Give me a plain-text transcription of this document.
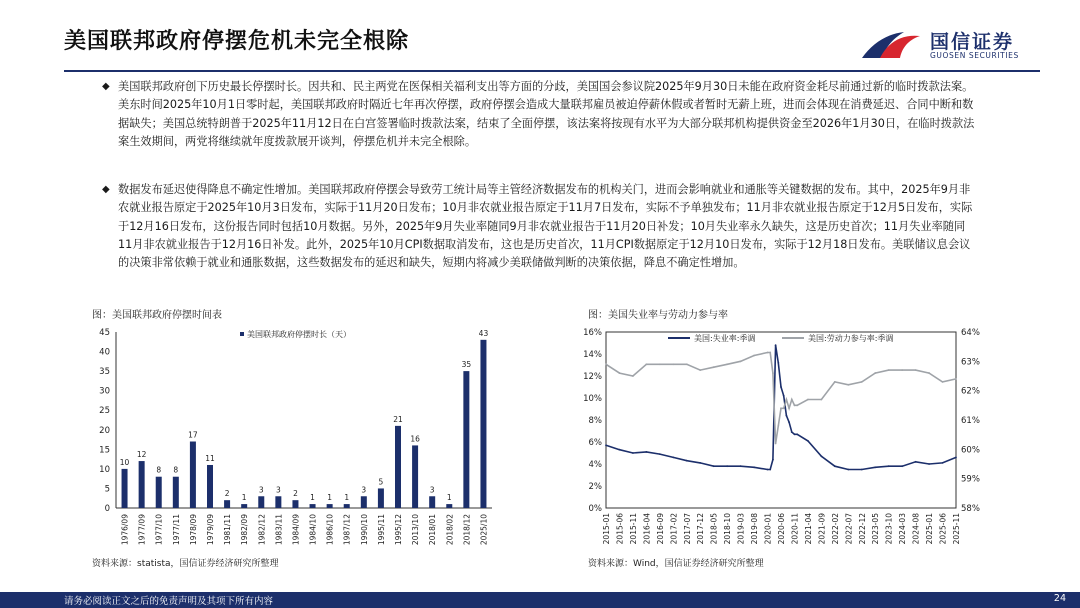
美国联邦政府停摆危机未完全根除	国信证券
GUOSEN SECURITIES
◆ 美国联邦政府创下历史最长停摆时长。因共和、民主两党在医保相关福利支出等方面的分歧，美国国会参议院2025年9月30日未能在政府资金耗尽前通过新的临时拨款法案。美东时间2025年10月1日零时起，美国联邦政府时隔近七年再次停摆，政府停摆会造成大量联邦雇员被迫停薪休假或者暂时无薪上班，进而会体现在消费延迟、合同中断和数据缺失；美国总统特朗普于2025年11月12日在白宫签署临时拨款法案，结束了全面停摆，该法案将按现有水平为大部分联邦机构提供资金至2026年1月30日，在临时拨款法案生效期间，两党将继续就年度拨款展开谈判，停摆危机并未完全根除。
◆ 数据发布延迟使得降息不确定性增加。美国联邦政府停摆会导致劳工统计局等主管经济数据发布的机构关门，进而会影响就业和通胀等关键数据的发布。其中，2025年9月非农就业报告原定于2025年10月3日发布，实际于11月20日发布；10月非农就业报告原定于11月7日发布，实际不予单独发布；11月非农就业报告原定于12月5日发布，实际于12月16日发布，这份报告同时包括10月数据。另外，2025年9月失业率随同9月非农就业报告于11月20日补发；10月失业率永久缺失，这是历史首次；11月失业率随同11月非农就业报告于12月16日补发。此外，2025年10月CPI数据取消发布，这也是历史首次，11月CPI数据原定于12月10日发布，实际于12月18日发布。美联储议息会议的决策非常依赖于就业和通胀数据，这些数据发布的延迟和缺失，短期内将减少美联储做判断的决策依据，降息不确定性增加。
图：美国联邦政府停摆时间表	图：美国失业率与劳动力参与率
0
5
10
15
20
25
30
35
40
45
10
1976/09
12
1977/09
8
1977/10
8
1977/11
17
1978/09
11
1979/09
2
1981/11
1
1982/09
3
1982/12
3
1983/11
2
1984/09
1
1984/10
1
1986/10
1
1987/12
3
1990/10
5
1995/11
21
1995/12
16
2013/10
3
2018/01
1
2018/02
35
2018/12
43
2025/10
美国联邦政府停摆时长（天）
0%
2%
4%
6%
8%
10%
12%
14%
16%
58%
59%
60%
61%
62%
63%
64%
2015-01 2015-06 2015-11 2016-04 2016-09 2017-02 2017-07 2017-12 2018-05 2018-10 2019-03 2019-08 2020-01 2020-06 2020-11 2021-04 2021-09 2022-02 2022-07 2022-12 2023-05 2023-10 2024-03 2024-08 2025-01 2025-06 2025-11
美国:失业率:季调	美国:劳动力参与率:季调
资料来源：statista，国信证券经济研究所整理	资料来源：Wind，国信证券经济研究所整理
请务必阅读正文之后的免责声明及其项下所有内容	24
